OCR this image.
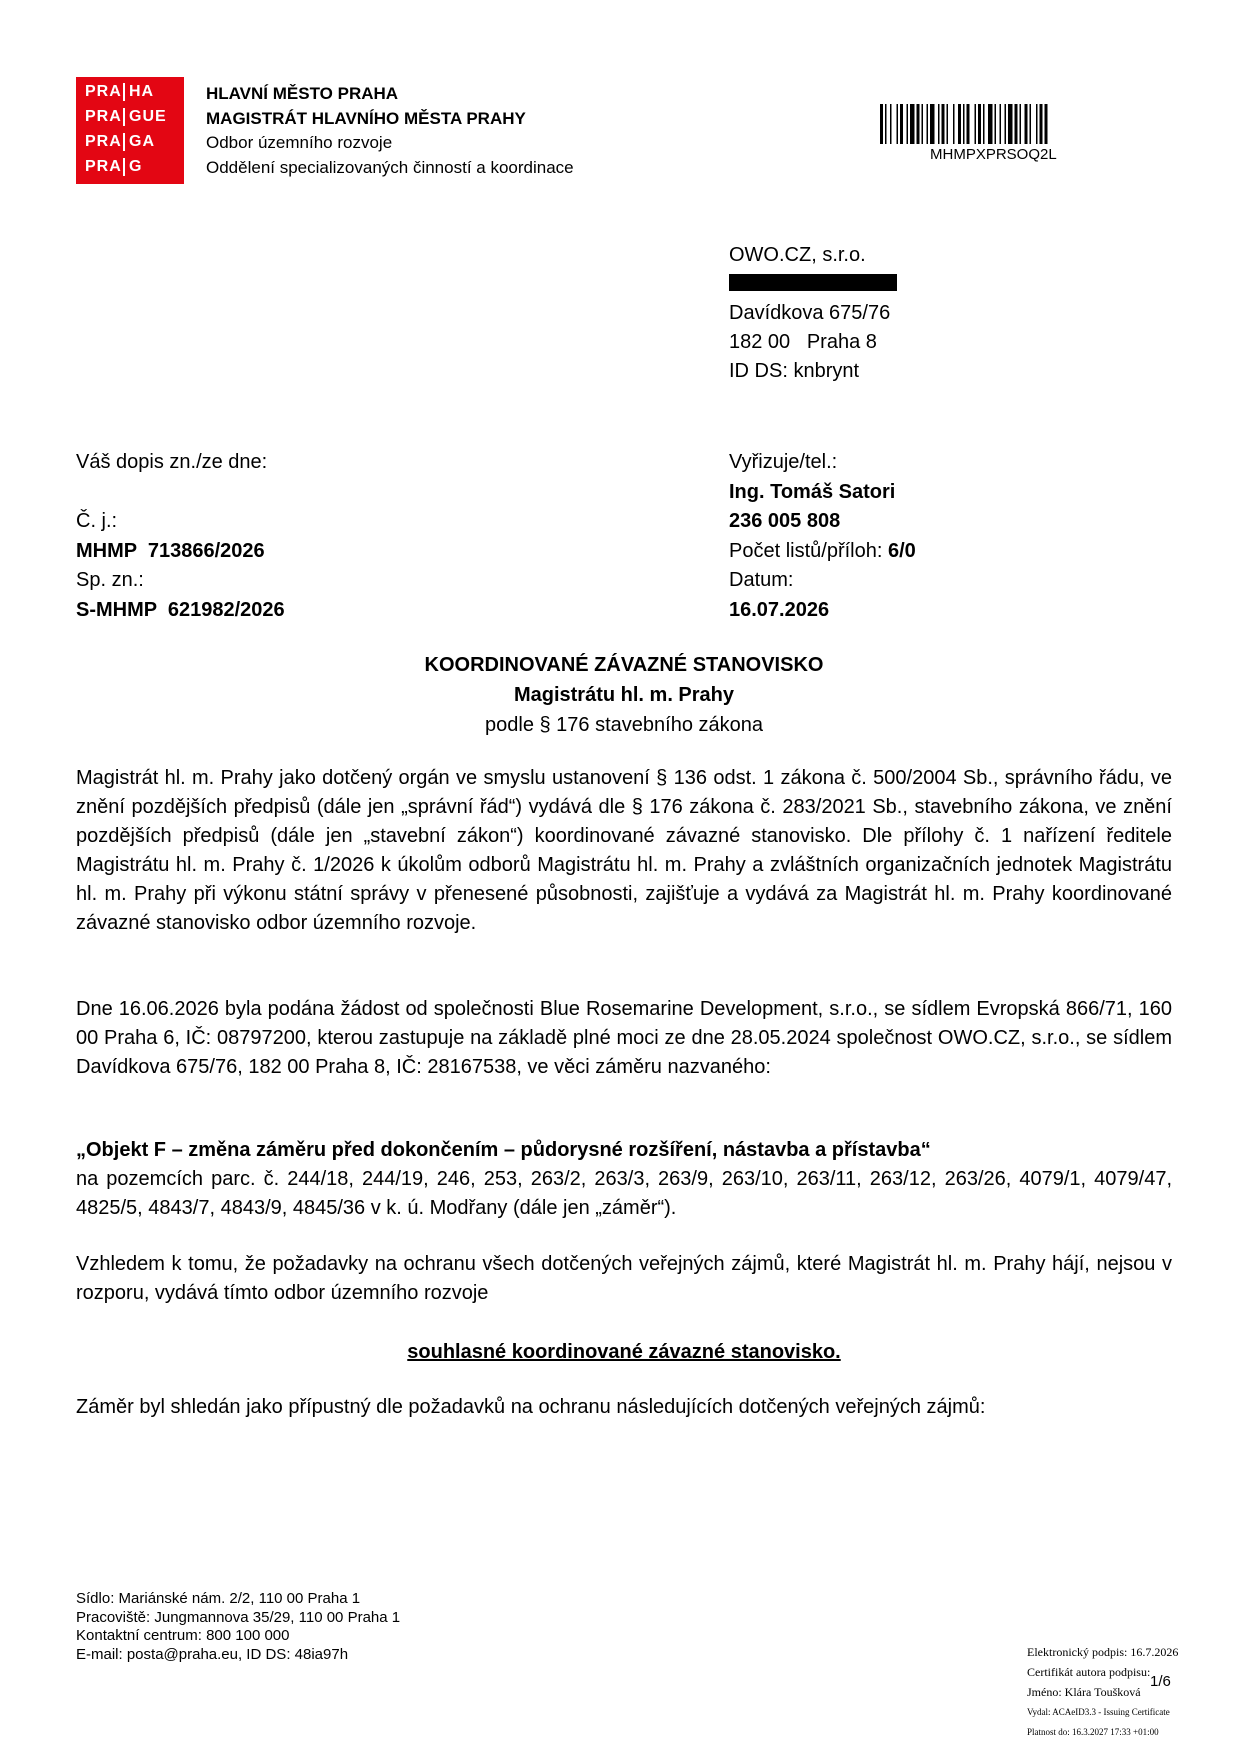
PRA HA
PRA GUE
PRA GA
PRA G
HLAVNÍ MĚSTO PRAHA
MAGISTRÁT HLAVNÍHO MĚSTA PRAHY
Odbor územního rozvoje
Oddělení specializovaných činností a koordinace
MHMPXPRSOQ2L
OWO.CZ, s.r.o.
Davídkova 675/76
182 00   Praha 8
ID DS: knbrynt
Váš dopis zn./ze dne:
Č. j.:
MHMP  713866/2026
Sp. zn.:
S-MHMP  621982/2026
Vyřizuje/tel.:
Ing. Tomáš Satori
236 005 808
Počet listů/příloh: 6/0
Datum:
16.07.2026
KOORDINOVANÉ ZÁVAZNÉ STANOVISKO
Magistrátu hl. m. Prahy
podle § 176 stavebního zákona
Magistrát hl. m. Prahy jako dotčený orgán ve smyslu ustanovení § 136 odst. 1 zákona č. 500/2004 Sb., správního řádu, ve znění pozdějších předpisů (dále jen „správní řád“) vydává dle § 176 zákona č. 283/2021 Sb., stavebního zákona, ve znění pozdějších předpisů (dále jen „stavební zákon“) koordinované závazné stanovisko. Dle přílohy č. 1 nařízení ředitele Magistrátu hl. m. Prahy č. 1/2026 k úkolům odborů Magistrátu hl. m. Prahy a zvláštních organizačních jednotek Magistrátu hl. m. Prahy při výkonu státní správy v přenesené působnosti, zajišťuje a vydává za Magistrát hl. m. Prahy koordinované závazné stanovisko odbor územního rozvoje.
Dne 16.06.2026 byla podána žádost od společnosti Blue Rosemarine Development, s.r.o., se sídlem Evropská 866/71, 160 00 Praha 6, IČ: 08797200, kterou zastupuje na základě plné moci ze dne 28.05.2024 společnost OWO.CZ, s.r.o., se sídlem Davídkova 675/76, 182 00 Praha 8, IČ: 28167538, ve věci záměru nazvaného:
„Objekt F – změna záměru před dokončením – půdorysné rozšíření, nástavba a přístavba“
na pozemcích parc. č. 244/18, 244/19, 246, 253, 263/2, 263/3, 263/9, 263/10, 263/11, 263/12, 263/26, 4079/1, 4079/47, 4825/5, 4843/7, 4843/9, 4845/36 v k. ú. Modřany (dále jen „záměr“).
Vzhledem k tomu, že požadavky na ochranu všech dotčených veřejných zájmů, které Magistrát hl. m. Prahy hájí, nejsou v rozporu, vydává tímto odbor územního rozvoje
souhlasné koordinované závazné stanovisko.
Záměr byl shledán jako přípustný dle požadavků na ochranu následujících dotčených veřejných zájmů:
Sídlo: Mariánské nám. 2/2, 110 00 Praha 1
Pracoviště: Jungmannova 35/29, 110 00 Praha 1
Kontaktní centrum: 800 100 000
E-mail: posta@praha.eu, ID DS: 48ia97h	Elektronický podpis: 16.7.2026
Certifikát autora podpisu:
Jméno: Klára Toušková
Vydal: ACAeID3.3 - Issuing Certificate
Platnost do: 16.3.2027 17:33 +01:00
1/6
